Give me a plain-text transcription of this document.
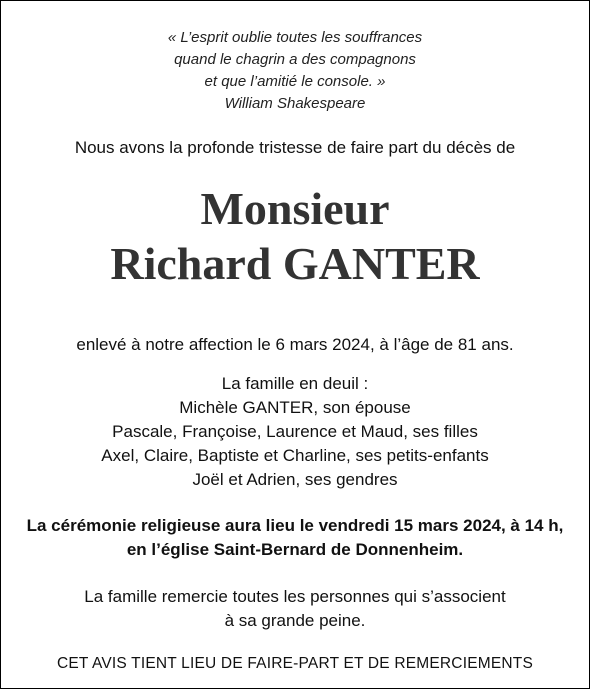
« L’esprit oublie toutes les souffrances
quand le chagrin a des compagnons
et que l’amitié le console. »
William Shakespeare
Nous avons la profonde tristesse de faire part du décès de
Monsieur
Richard GANTER
enlevé à notre affection le 6 mars 2024, à l’âge de 81 ans.
La famille en deuil :
Michèle GANTER, son épouse
Pascale, Françoise, Laurence et Maud, ses filles
Axel, Claire, Baptiste et Charline, ses petits-enfants
Joël et Adrien, ses gendres
La cérémonie religieuse aura lieu le vendredi 15 mars 2024, à 14 h,
en l’église Saint-Bernard de Donnenheim.
La famille remercie toutes les personnes qui s’associent
à sa grande peine.
CET AVIS TIENT LIEU DE FAIRE-PART ET DE REMERCIEMENTS
